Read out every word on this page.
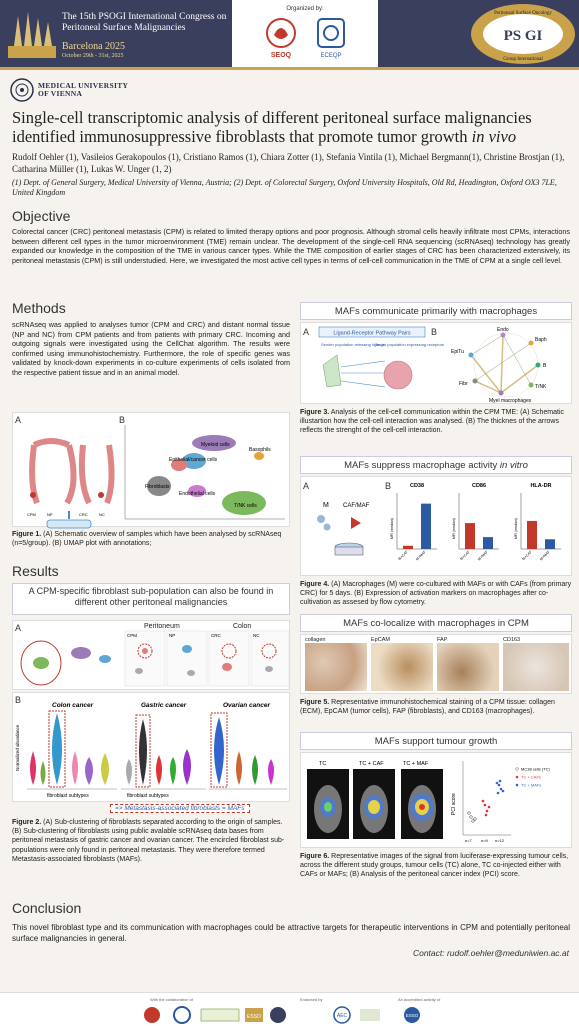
The 15th PSOGI International Congress on Peritoneal Surface Malignancies
Barcelona 2025
October 29th - 31st, 2025
Organized by:
SEOQ	ECEQP
Peritoneal Surface Oncology
PS GI
Group International
MEDICAL UNIVERSITY
OF VIENNA
Single-cell transcriptomic analysis of different peritoneal surface malignancies identified immunosuppressive fibroblasts that promote tumor growth in vivo
Rudolf Oehler (1), Vasileios Gerakopoulos (1), Cristiano Ramos (1), Chiara Zotter (1), Stefania Vintila (1), Michael Bergmann(1), Christine Brostjan (1), Catharina Müller (1), Lukas W. Unger (1, 2)
(1) Dept. of General Surgery, Medical University of Vienna, Austria; (2) Dept. of Colorectal Surgery, Oxford University Hospitals, Old Rd, Headington, Oxford OX3 7LE, United Kingdom
Objective
Colorectal cancer (CRC) peritoneal metastasis (CPM) is related to limited therapy options and poor prognosis. Although stromal cells heavily infiltrate most CPMs, interactions between different cell types in the tumor microenvironment (TME) remain unclear. The development of the single-cell RNA sequencing (scRNAseq) technology has greatly expanded our knowledge in the composition of the TME in various cancer types. While the TME composition of earlier stages of CRC has been characterized extensively, its peritoneal metastasis (CPM) is still understudied. Here, we investigated the most active cell types in terms of cell-cell communication in the TME of CPM at a single cell level.
Methods
scRNAseq was applied to analyses tumor (CPM and CRC) and distant normal tissue (NP and NC) from CPM patients and from patients with primary CRC. Incoming and outgoing signals were investigated using the CellChat algorithm. The results were confirmed using immunohistochemistry. Furthermore, the role of specific genes was validated by knock-down experiments in co-culture experiments of cells isolated from the respective patient tissue and in an animal model.
A	B
CPM	NP	CRC	NC
Myeloid cells
Basophils
Epithelial/cancer cells
Fibroblasts
Endothelial cells
T/NK cells
Figure 1. (A) Schematic overview of samples which have been analysed by scRNAseq (n=5/group). (B) UMAP plot with annotations;
Results
A CPM-specific fibroblast sub-population can also be found in different other peritoneal malignancies
A	Peritoneum	Colon
CPM	NP	CRC	NC
B
Normalized abundance
Colon cancer
fibroblast subtypes
Gastric cancer
fibroblast subtypes
Ovarian cancer
=> Metastasis-associated fibroblasts = MAFs
Figure 2. (A) Sub-clustering of fibroblasts separated according to the origin of samples. (B) Sub-clustering of fibroblasts using public avalable scRNAseq data bases from peritoneal metastasis of gastric cancer and ovarian cancer. The encircled fibroblast sub-populations were only found in peritoneal metastasis. They were therefore termed Metastasis-associated fibroblasts (MAFs).
MAFs communicate primarily with macrophages
A	B
Ligand-Receptor Pathway Pairs
Sender population releasing ligands
Target population expressing receptors
Endo
Baph
EpiTu
B
Fibr	T/NK
Myel macrophages
Figure 3. Analysis of the cell-cell communication within the CPM TME: (A) Schematic illustartion how the cell-cell interaction was analysed. (B) The thicknes of the arrows reflects the strenght of the cell-cell interaction.
MAFs suppress macrophage activity in vitro
A	B
M CAF/MAF
CD38
MFI (median)
M+CAF M+MAF
CD86
MFI (median)
M+CAF M+MAF
HLA-DR
MFI (median)
M+CAF M+MAF
Figure 4. (A) Macrophages (M) were co-cultured with MAFs or with CAFs (from primary CRC) for 5 days. (B) Expression of activation markers on macrophages after co-cultivation as assesed by flow cytometry.
MAFs co-localize with macrophages in CPM
collagen	EpCAM	FAP	CD163
Figure 5. Representative immunohistochemical staining of a CPM tissue: collagen (ECM), EpCAM (tumor cells), FAP (fibroblasts), and CD163 (macrophages).
MAFs support tumour growth
TC	TC + CAF	TC + MAF
PCI score
n=7 n=9 n=12
MC38 cells (TC)
TC + CAFs
TC + MAFs
Figure 6. Representative images of the signal from luciferase-expressing tumour cells, across the different study groups, tumour cells (TC) alone, TC co-injected either with CAFs or MAFs; (B) Analysis of the peritoneal cancer index (PCI) score.
Conclusion
This novel fibroblast type and its communication with macrophages could be attractive targets for therapeutic interventions in CPM and potentially peritoneal surface malignancies in general.
Contact: rudolf.oehler@meduniwien.ac.at
With the collaboration of	Endorsed by	An accredited activity of
ESSO	AEC	ESSO
